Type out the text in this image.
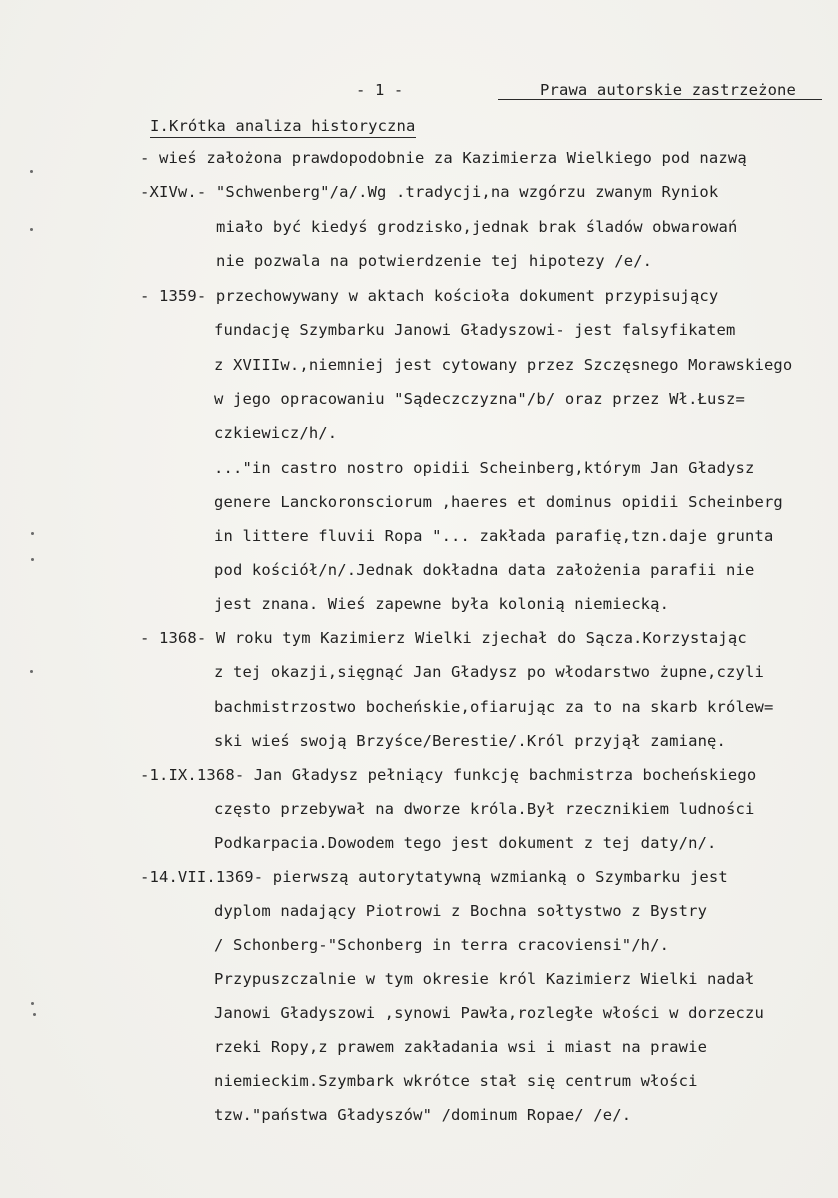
- 1 -	Prawa autorskie zastrzeżone
I.Krótka analiza historyczna
- wieś założona prawdopodobnie za Kazimierza Wielkiego pod nazwą
-XIVw.- "Schwenberg"/a/.Wg .tradycji,na wzgórzu zwanym Ryniok
miało być kiedyś grodzisko,jednak brak śladów obwarowań
nie pozwala na potwierdzenie tej hipotezy /e/.
- 1359- przechowywany w aktach kościoła dokument przypisujący
fundację Szymbarku Janowi Gładyszowi- jest falsyfikatem
z XVIIIw.,niemniej jest cytowany przez Szczęsnego Morawskiego
w jego opracowaniu "Sądeczczyzna"/b/ oraz przez Wł.Łusz=
czkiewicz/h/.
..."in castro nostro opidii Scheinberg,którym Jan Gładysz
genere Lanckoronsciorum ,haeres et dominus opidii Scheinberg
in littere fluvii Ropa "... zakłada parafię,tzn.daje grunta
pod kościół/n/.Jednak dokładna data założenia parafii nie
jest znana. Wieś zapewne była kolonią niemiecką.
- 1368- W roku tym Kazimierz Wielki zjechał do Sącza.Korzystając
z tej okazji,sięgnąć Jan Gładysz po włodarstwo żupne,czyli
bachmistrzostwo bocheńskie,ofiarując za to na skarb królew=
ski wieś swoją Brzyśce/Berestie/.Król przyjął zamianę.
-1.IX.1368- Jan Gładysz pełniący funkcję bachmistrza bocheńskiego
często przebywał na dworze króla.Był rzecznikiem ludności
Podkarpacia.Dowodem tego jest dokument z tej daty/n/.
-14.VII.1369- pierwszą autorytatywną wzmianką o Szymbarku jest
dyplom nadający Piotrowi z Bochna sołtystwo z Bystry
/ Schonberg-"Schonberg in terra cracoviensi"/h/.
Przypuszczalnie w tym okresie król Kazimierz Wielki nadał
Janowi Gładyszowi ,synowi Pawła,rozległe włości w dorzeczu
rzeki Ropy,z prawem zakładania wsi i miast na prawie
niemieckim.Szymbark wkrótce stał się centrum włości
tzw."państwa Gładyszów" /dominum Ropae/ /e/.
